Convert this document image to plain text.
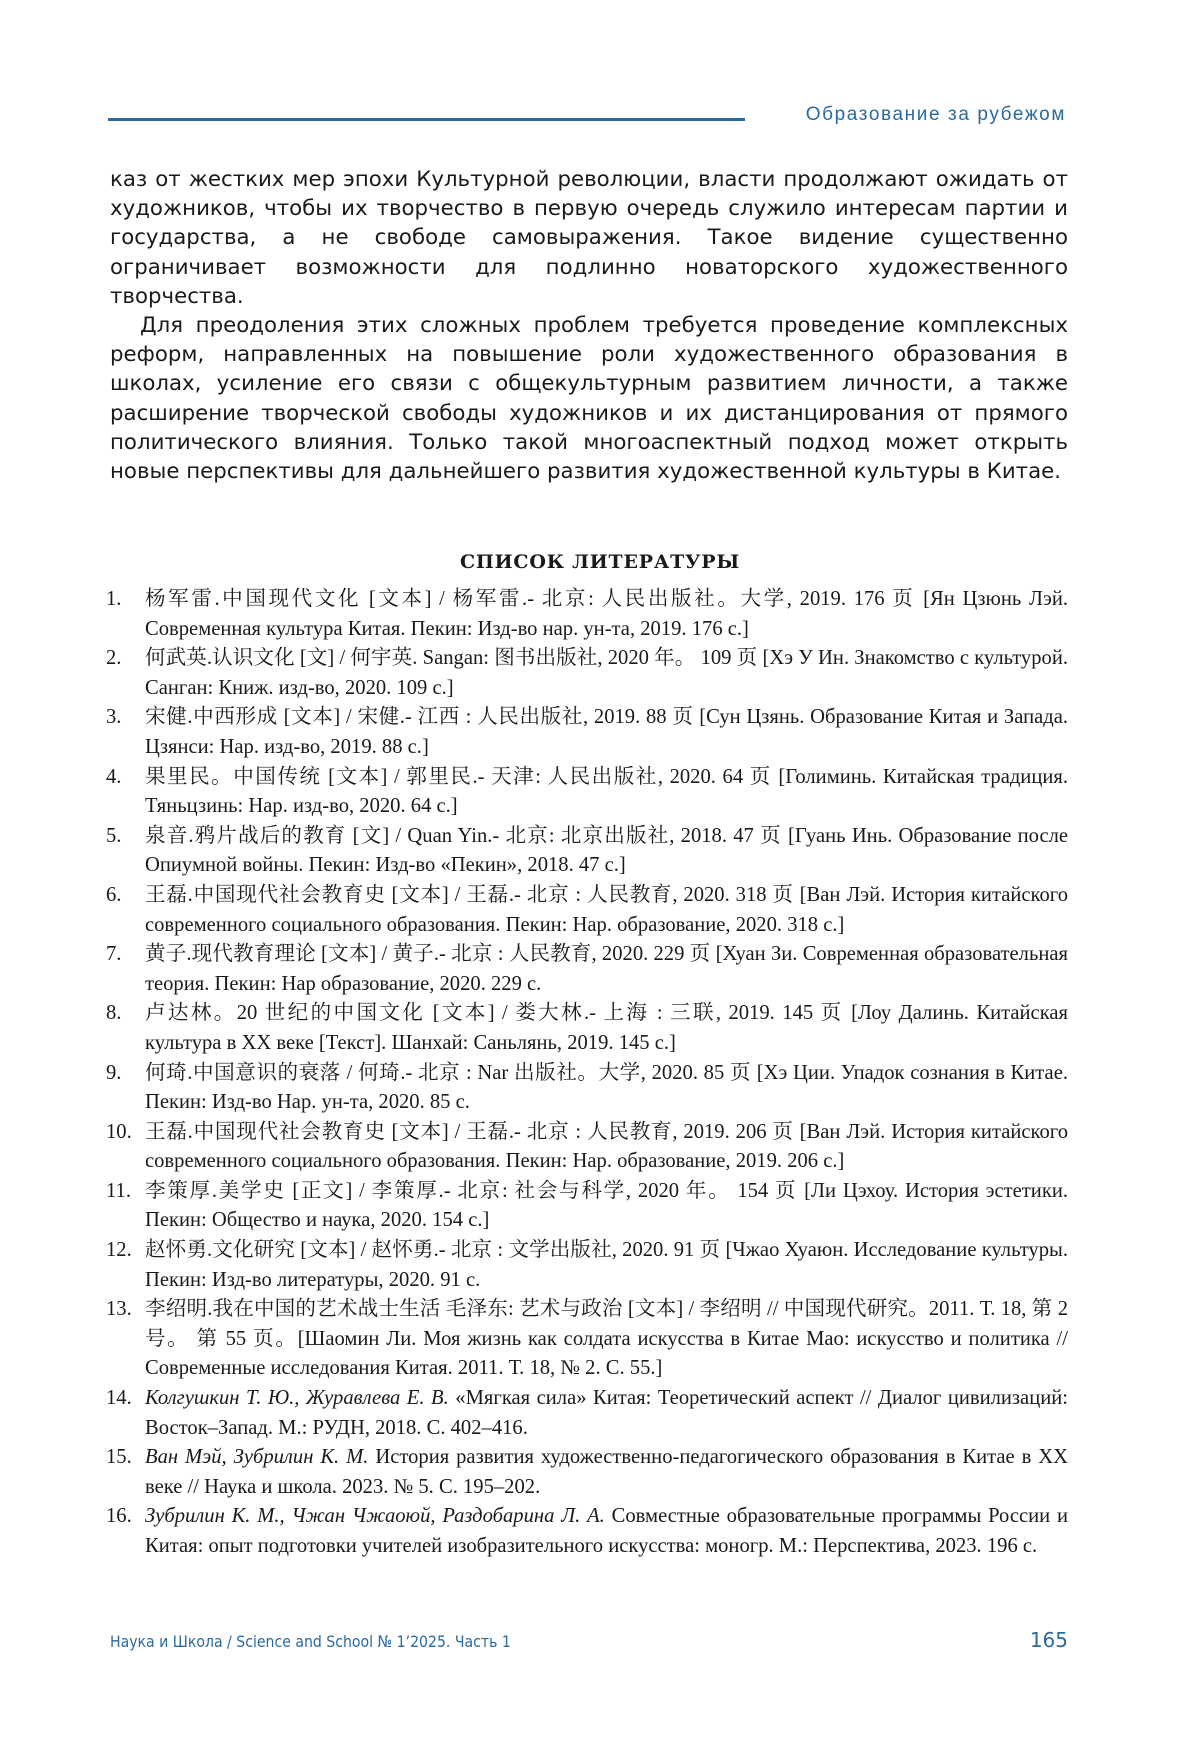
Образование за рубежом

каз от жестких мер эпохи Культурной революции, власти продолжают ожидать от художников, чтобы их творчество в первую очередь служило интересам партии и государства, а не свободе самовыражения. Такое видение существенно ограничивает возможности для подлинно новаторского художественного творчества.

Для преодоления этих сложных проблем требуется проведение комплексных реформ, направленных на повышение роли художественного образования в школах, усиление его связи с общекультурным развитием личности, а также расширение творческой свободы художников и их дистанцирования от прямого политического влияния. Только такой многоаспектный подход может открыть новые перспективы для дальнейшего развития художественной культуры в Китае.

СПИСОК ЛИТЕРАТУРЫ
1. 杨军雷.中国现代文化 [文本] / 杨军雷.- 北京: 人民出版社。大学, 2019. 176 页 [Ян Цзюнь Лэй. Современная культура Китая. Пекин: Изд-во нар. ун-та, 2019. 176 с.]
2. 何武英.认识文化 [文] / 何宇英. Sangan: 图书出版社, 2020 年。 109 页 [Хэ У Ин. Знакомство с культурой. Санган: Книж. изд-во, 2020. 109 с.]
3. 宋健.中西形成 [文本] / 宋健.- 江西 : 人民出版社, 2019. 88 页 [Сун Цзянь. Образование Китая и Запада. Цзянси: Нар. изд-во, 2019. 88 с.]
4. 果里民。中国传统 [文本] / 郭里民.- 天津: 人民出版社, 2020. 64 页 [Голиминь. Китайская традиция. Тяньцзинь: Нар. изд-во, 2020. 64 с.]
5. 泉音.鸦片战后的教育 [文] / Quan Yin.- 北京: 北京出版社, 2018. 47 页 [Гуань Инь. Образование после Опиумной войны. Пекин: Изд-во «Пекин», 2018. 47 с.]
6. 王磊.中国现代社会教育史 [文本] / 王磊.- 北京 : 人民教育, 2020. 318 页 [Ван Лэй. История китайского современного социального образования. Пекин: Нар. образование, 2020. 318 с.]
7. 黄子.现代教育理论 [文本] / 黄子.- 北京 : 人民教育, 2020. 229 页 [Хуан Зи. Современная образовательная теория. Пекин: Нар образование, 2020. 229 с.
8. 卢达林。20 世纪的中国文化 [文本] / 娄大林.- 上海 : 三联, 2019. 145 页 [Лоу Далинь. Китайская культура в XX веке [Текст]. Шанхай: Саньлянь, 2019. 145 с.]
9. 何琦.中国意识的衰落 / 何琦.- 北京 : Nar 出版社。大学, 2020. 85 页 [Хэ Ции. Упадок сознания в Китае. Пекин: Изд-во Нар. ун-та, 2020. 85 с.
10. 王磊.中国现代社会教育史 [文本] / 王磊.- 北京 : 人民教育, 2019. 206 页 [Ван Лэй. История китайского современного социального образования. Пекин: Нар. образование, 2019. 206 с.]
11. 李策厚.美学史 [正文] / 李策厚.- 北京: 社会与科学, 2020 年。 154 页 [Ли Цэхоу. История эстетики. Пекин: Общество и наука, 2020. 154 с.]
12. 赵怀勇.文化研究 [文本] / 赵怀勇.- 北京 : 文学出版社, 2020. 91 页 [Чжао Хуаюн. Исследование культуры. Пекин: Изд-во литературы, 2020. 91 с.
13. 李绍明.我在中国的艺术战士生活 毛泽东: 艺术与政治 [文本] / 李绍明 // 中国现代研究。2011. Т. 18, 第 2 号。 第 55 页。[Шаомин Ли. Моя жизнь как солдата искусства в Китае Мао: искусство и политика // Современные исследования Китая. 2011. Т. 18, № 2. С. 55.]
14. Колгушкин Т. Ю., Журавлева Е. В. «Мягкая сила» Китая: Теоретический аспект // Диалог цивилизаций: Восток–Запад. М.: РУДН, 2018. С. 402–416.
15. Ван Мэй, Зубрилин К. М. История развития художественно-педагогического образования в Китае в XX веке // Наука и школа. 2023. № 5. С. 195–202.
16. Зубрилин К. М., Чжан Чжаоюй, Раздобарина Л. А. Совместные образовательные программы России и Китая: опыт подготовки учителей изобразительного искусства: моногр. М.: Перспектива, 2023. 196 с.
Наука и Школа / Science and School № 1’2025. Часть 1	165
